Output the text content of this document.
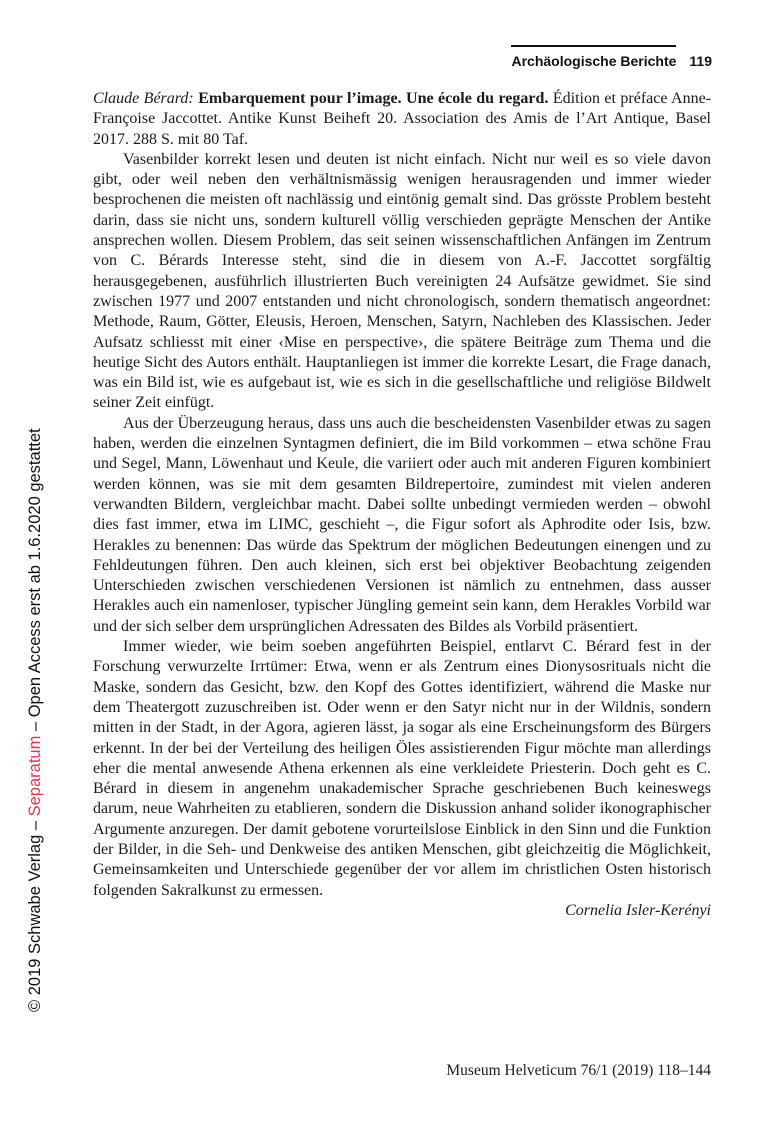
Archäologische Berichte 119
© 2019 Schwabe Verlag – Separatum – Open Access erst ab 1.6.2020 gestattet

Claude Bérard: Embarquement pour l’image. Une école du regard. Édition et préface Anne-Françoise Jaccottet. Antike Kunst Beiheft 20. Association des Amis de l’Art Antique, Basel 2017. 288 S. mit 80 Taf.

Vasenbilder korrekt lesen und deuten ist nicht einfach. Nicht nur weil es so viele davon gibt, oder weil neben den verhältnismässig wenigen herausragenden und immer wieder besprochenen die meisten oft nachlässig und eintönig gemalt sind. Das grösste Problem besteht darin, dass sie nicht uns, sondern kulturell völlig verschieden geprägte Menschen der Antike ansprechen wollen. Diesem Problem, das seit seinen wissenschaftlichen Anfängen im Zentrum von C. Bérards Interesse steht, sind die in diesem von A.-F. Jaccottet sorgfältig herausgegebenen, ausführlich illustrierten Buch vereinigten 24 Aufsätze gewidmet. Sie sind zwischen 1977 und 2007 entstanden und nicht chronologisch, sondern thematisch angeordnet: Methode, Raum, Götter, Eleusis, Heroen, Menschen, Satyrn, Nachleben des Klassischen. Jeder Aufsatz schliesst mit einer ‹Mise en perspective›, die spätere Beiträge zum Thema und die heutige Sicht des Autors enthält. Hauptanliegen ist immer die korrekte Lesart, die Frage danach, was ein Bild ist, wie es aufgebaut ist, wie es sich in die gesellschaftliche und religiöse Bildwelt seiner Zeit einfügt.

Aus der Überzeugung heraus, dass uns auch die bescheidensten Vasenbilder etwas zu sagen haben, werden die einzelnen Syntagmen definiert, die im Bild vorkommen – etwa schöne Frau und Segel, Mann, Löwenhaut und Keule, die variiert oder auch mit anderen Figuren kombiniert werden können, was sie mit dem gesamten Bildrepertoire, zumindest mit vielen anderen verwandten Bildern, vergleichbar macht. Dabei sollte unbedingt vermieden werden – obwohl dies fast immer, etwa im LIMC, geschieht –, die Figur sofort als Aphrodite oder Isis, bzw. Herakles zu benennen: Das würde das Spektrum der möglichen Bedeutungen einengen und zu Fehldeutungen führen. Den auch kleinen, sich erst bei objektiver Beobachtung zeigenden Unterschieden zwischen verschiedenen Versionen ist nämlich zu entnehmen, dass ausser Herakles auch ein namenloser, typischer Jüngling gemeint sein kann, dem Herakles Vorbild war und der sich selber dem ursprünglichen Adressaten des Bildes als Vorbild präsentiert.

Immer wieder, wie beim soeben angeführten Beispiel, entlarvt C. Bérard fest in der Forschung verwurzelte Irrtümer: Etwa, wenn er als Zentrum eines Dionysosrituals nicht die Maske, sondern das Gesicht, bzw. den Kopf des Gottes identifiziert, während die Maske nur dem Theatergott zuzuschreiben ist. Oder wenn er den Satyr nicht nur in der Wildnis, sondern mitten in der Stadt, in der Agora, agieren lässt, ja sogar als eine Erscheinungsform des Bürgers erkennt. In der bei der Verteilung des heiligen Öles assistierenden Figur möchte man allerdings eher die mental anwesende Athena erkennen als eine verkleidete Priesterin. Doch geht es C. Bérard in diesem in angenehm unakademischer Sprache geschriebenen Buch keineswegs darum, neue Wahrheiten zu etablieren, sondern die Diskussion anhand solider ikonographischer Argumente anzuregen. Der damit gebotene vorurteilslose Einblick in den Sinn und die Funktion der Bilder, in die Seh- und Denkweise des antiken Menschen, gibt gleichzeitig die Möglichkeit, Gemeinsamkeiten und Unterschiede gegenüber der vor allem im christlichen Osten historisch folgenden Sakralkunst zu ermessen.

Cornelia Isler-Kerényi

Museum Helveticum 76/1 (2019) 118–144
